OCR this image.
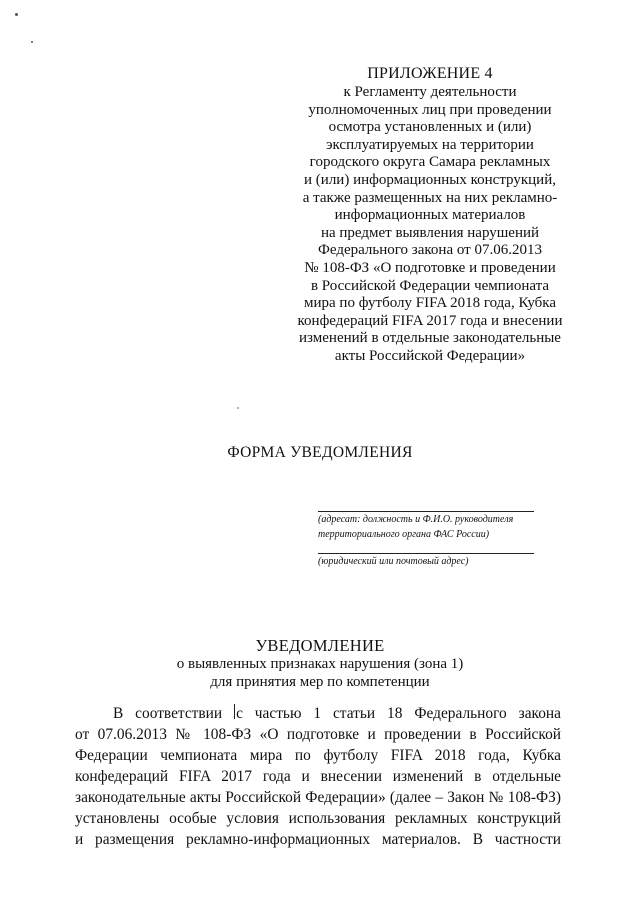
ПРИЛОЖЕНИЕ 4
к Регламенту деятельности
уполномоченных лиц при проведении
осмотра установленных и (или)
эксплуатируемых на территории
городского округа Самара рекламных
и (или) информационных конструкций,
а также размещенных на них рекламно-
информационных материалов
на предмет выявления нарушений
Федерального закона от 07.06.2013
№ 108-ФЗ «О подготовке и проведении
в Российской Федерации чемпионата
мира по футболу FIFA 2018 года, Кубка
конфедераций FIFA 2017 года и внесении
изменений в отдельные законодательные
акты Российской Федерации»
ФОРМА УВЕДОМЛЕНИЯ
(адресат: должность и Ф.И.О. руководителя
территориального органа ФАС России)
(юридический или почтовый адрес)
УВЕДОМЛЕНИЕ
о выявленных признаках нарушения (зона 1)
для принятия мер по компетенции
В соответствии с частью 1 статьи 18 Федерального закона
от 07.06.2013 № 108-ФЗ «О подготовке и проведении в Российской
Федерации чемпионата мира по футболу FIFA 2018 года, Кубка
конфедераций FIFA 2017 года и внесении изменений в отдельные
законодательные акты Российской Федерации» (далее – Закон № 108-ФЗ)
установлены особые условия использования рекламных конструкций
и размещения рекламно-информационных материалов. В частности
